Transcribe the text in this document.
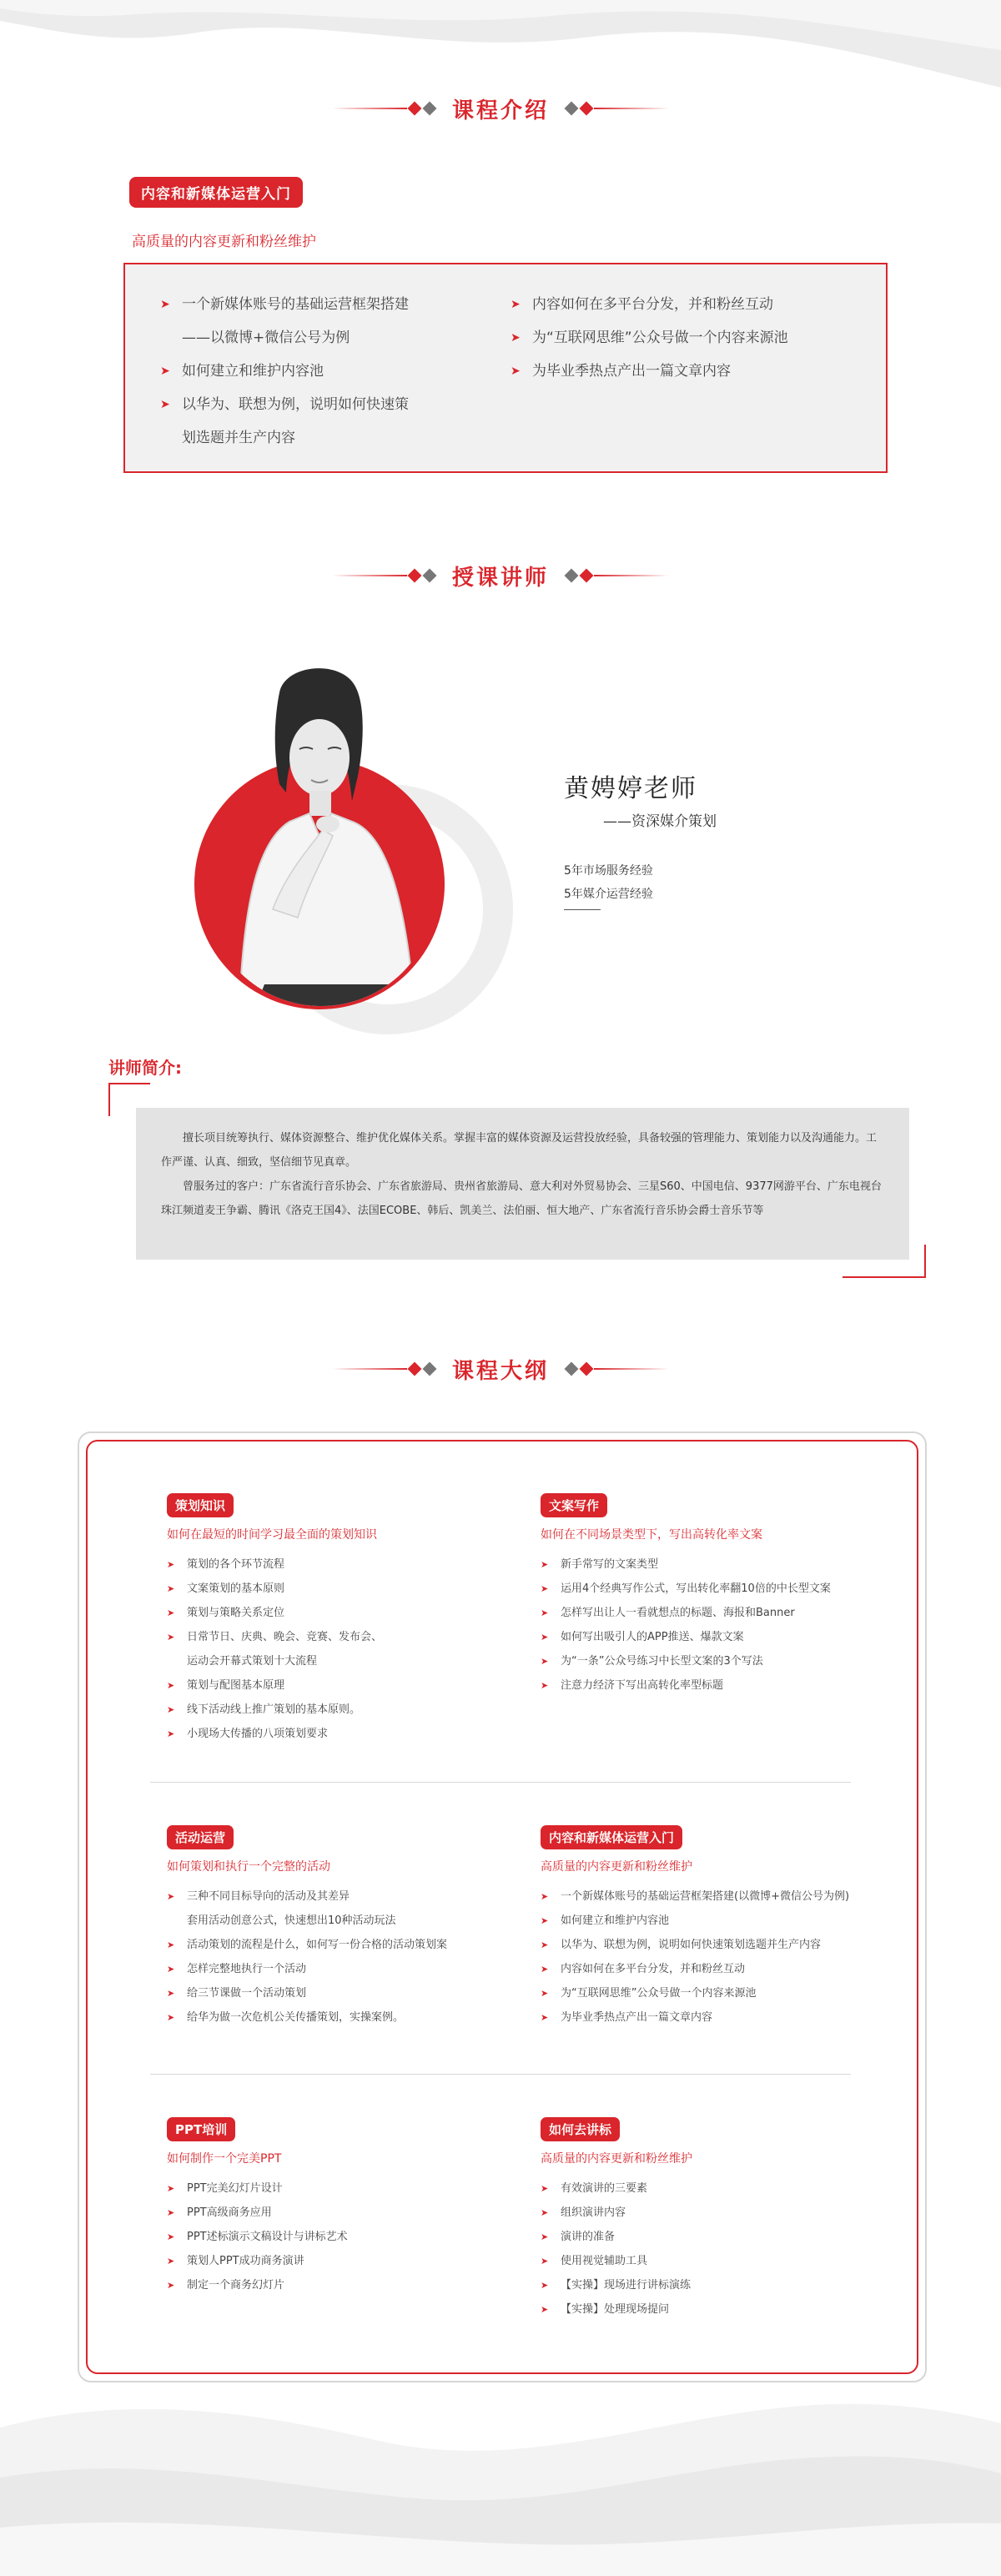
课程介绍
内容和新媒体运营入门
高质量的内容更新和粉丝维护
➤ 一个新媒体账号的基础运营框架搭建
——以微博+微信公号为例
➤ 如何建立和维护内容池
➤ 以华为、联想为例，说明如何快速策
划选题并生产内容
➤ 内容如何在多平台分发，并和粉丝互动
➤ 为“互联网思维”公众号做一个内容来源池
➤ 为毕业季热点产出一篇文章内容
授课讲师
黄娉婷老师
——资深媒介策划
5年市场服务经验
5年媒介运营经验
讲师简介:

擅长项目统筹执行、媒体资源整合、维护优化媒体关系。掌握丰富的媒体资源及运营投放经验，具备较强的管理能力、策划能力以及沟通能力。工作严谨、认真、细致，坚信细节见真章。

曾服务过的客户：广东省流行音乐协会、广东省旅游局、贵州省旅游局、意大利对外贸易协会、三星S60、中国电信、9377网游平台、广东电视台珠江频道麦王争霸、腾讯《洛克王国4》、法国ECOBE、韩后、凯美兰、法伯丽、恒大地产、广东省流行音乐协会爵士音乐节等

课程大纲
策划知识
如何在最短的时间学习最全面的策划知识
➤ 策划的各个环节流程
➤ 文案策划的基本原则
➤ 策划与策略关系定位
➤ 日常节日、庆典、晚会、竞赛、发布会、
运动会开幕式策划十大流程
➤ 策划与配图基本原理
➤ 线下活动线上推广策划的基本原则。
➤ 小现场大传播的八项策划要求
文案写作
如何在不同场景类型下，写出高转化率文案
➤ 新手常写的文案类型
➤ 运用4个经典写作公式，写出转化率翻10倍的中长型文案
➤ 怎样写出让人一看就想点的标题、海报和Banner
➤ 如何写出吸引人的APP推送、爆款文案
➤ 为“一条”公众号练习中长型文案的3个写法
➤ 注意力经济下写出高转化率型标题
活动运营
如何策划和执行一个完整的活动
➤ 三种不同目标导向的活动及其差异
套用活动创意公式，快速想出10种活动玩法
➤ 活动策划的流程是什么，如何写一份合格的活动策划案
➤ 怎样完整地执行一个活动
➤ 给三节课做一个活动策划
➤ 给华为做一次危机公关传播策划，实操案例。
内容和新媒体运营入门
高质量的内容更新和粉丝维护
➤ 一个新媒体账号的基础运营框架搭建(以微博+微信公号为例)
➤ 如何建立和维护内容池
➤ 以华为、联想为例，说明如何快速策划选题并生产内容
➤ 内容如何在多平台分发，并和粉丝互动
➤ 为“互联网思维”公众号做一个内容来源池
➤ 为毕业季热点产出一篇文章内容
PPT培训
如何制作一个完美PPT
➤ PPT完美幻灯片设计
➤ PPT高级商务应用
➤ PPT述标演示文稿设计与讲标艺术
➤ 策划人PPT成功商务演讲
➤ 制定一个商务幻灯片
如何去讲标
高质量的内容更新和粉丝维护
➤ 有效演讲的三要素
➤ 组织演讲内容
➤ 演讲的准备
➤ 使用视觉辅助工具
➤ 【实操】现场进行讲标演练
➤ 【实操】处理现场提问
